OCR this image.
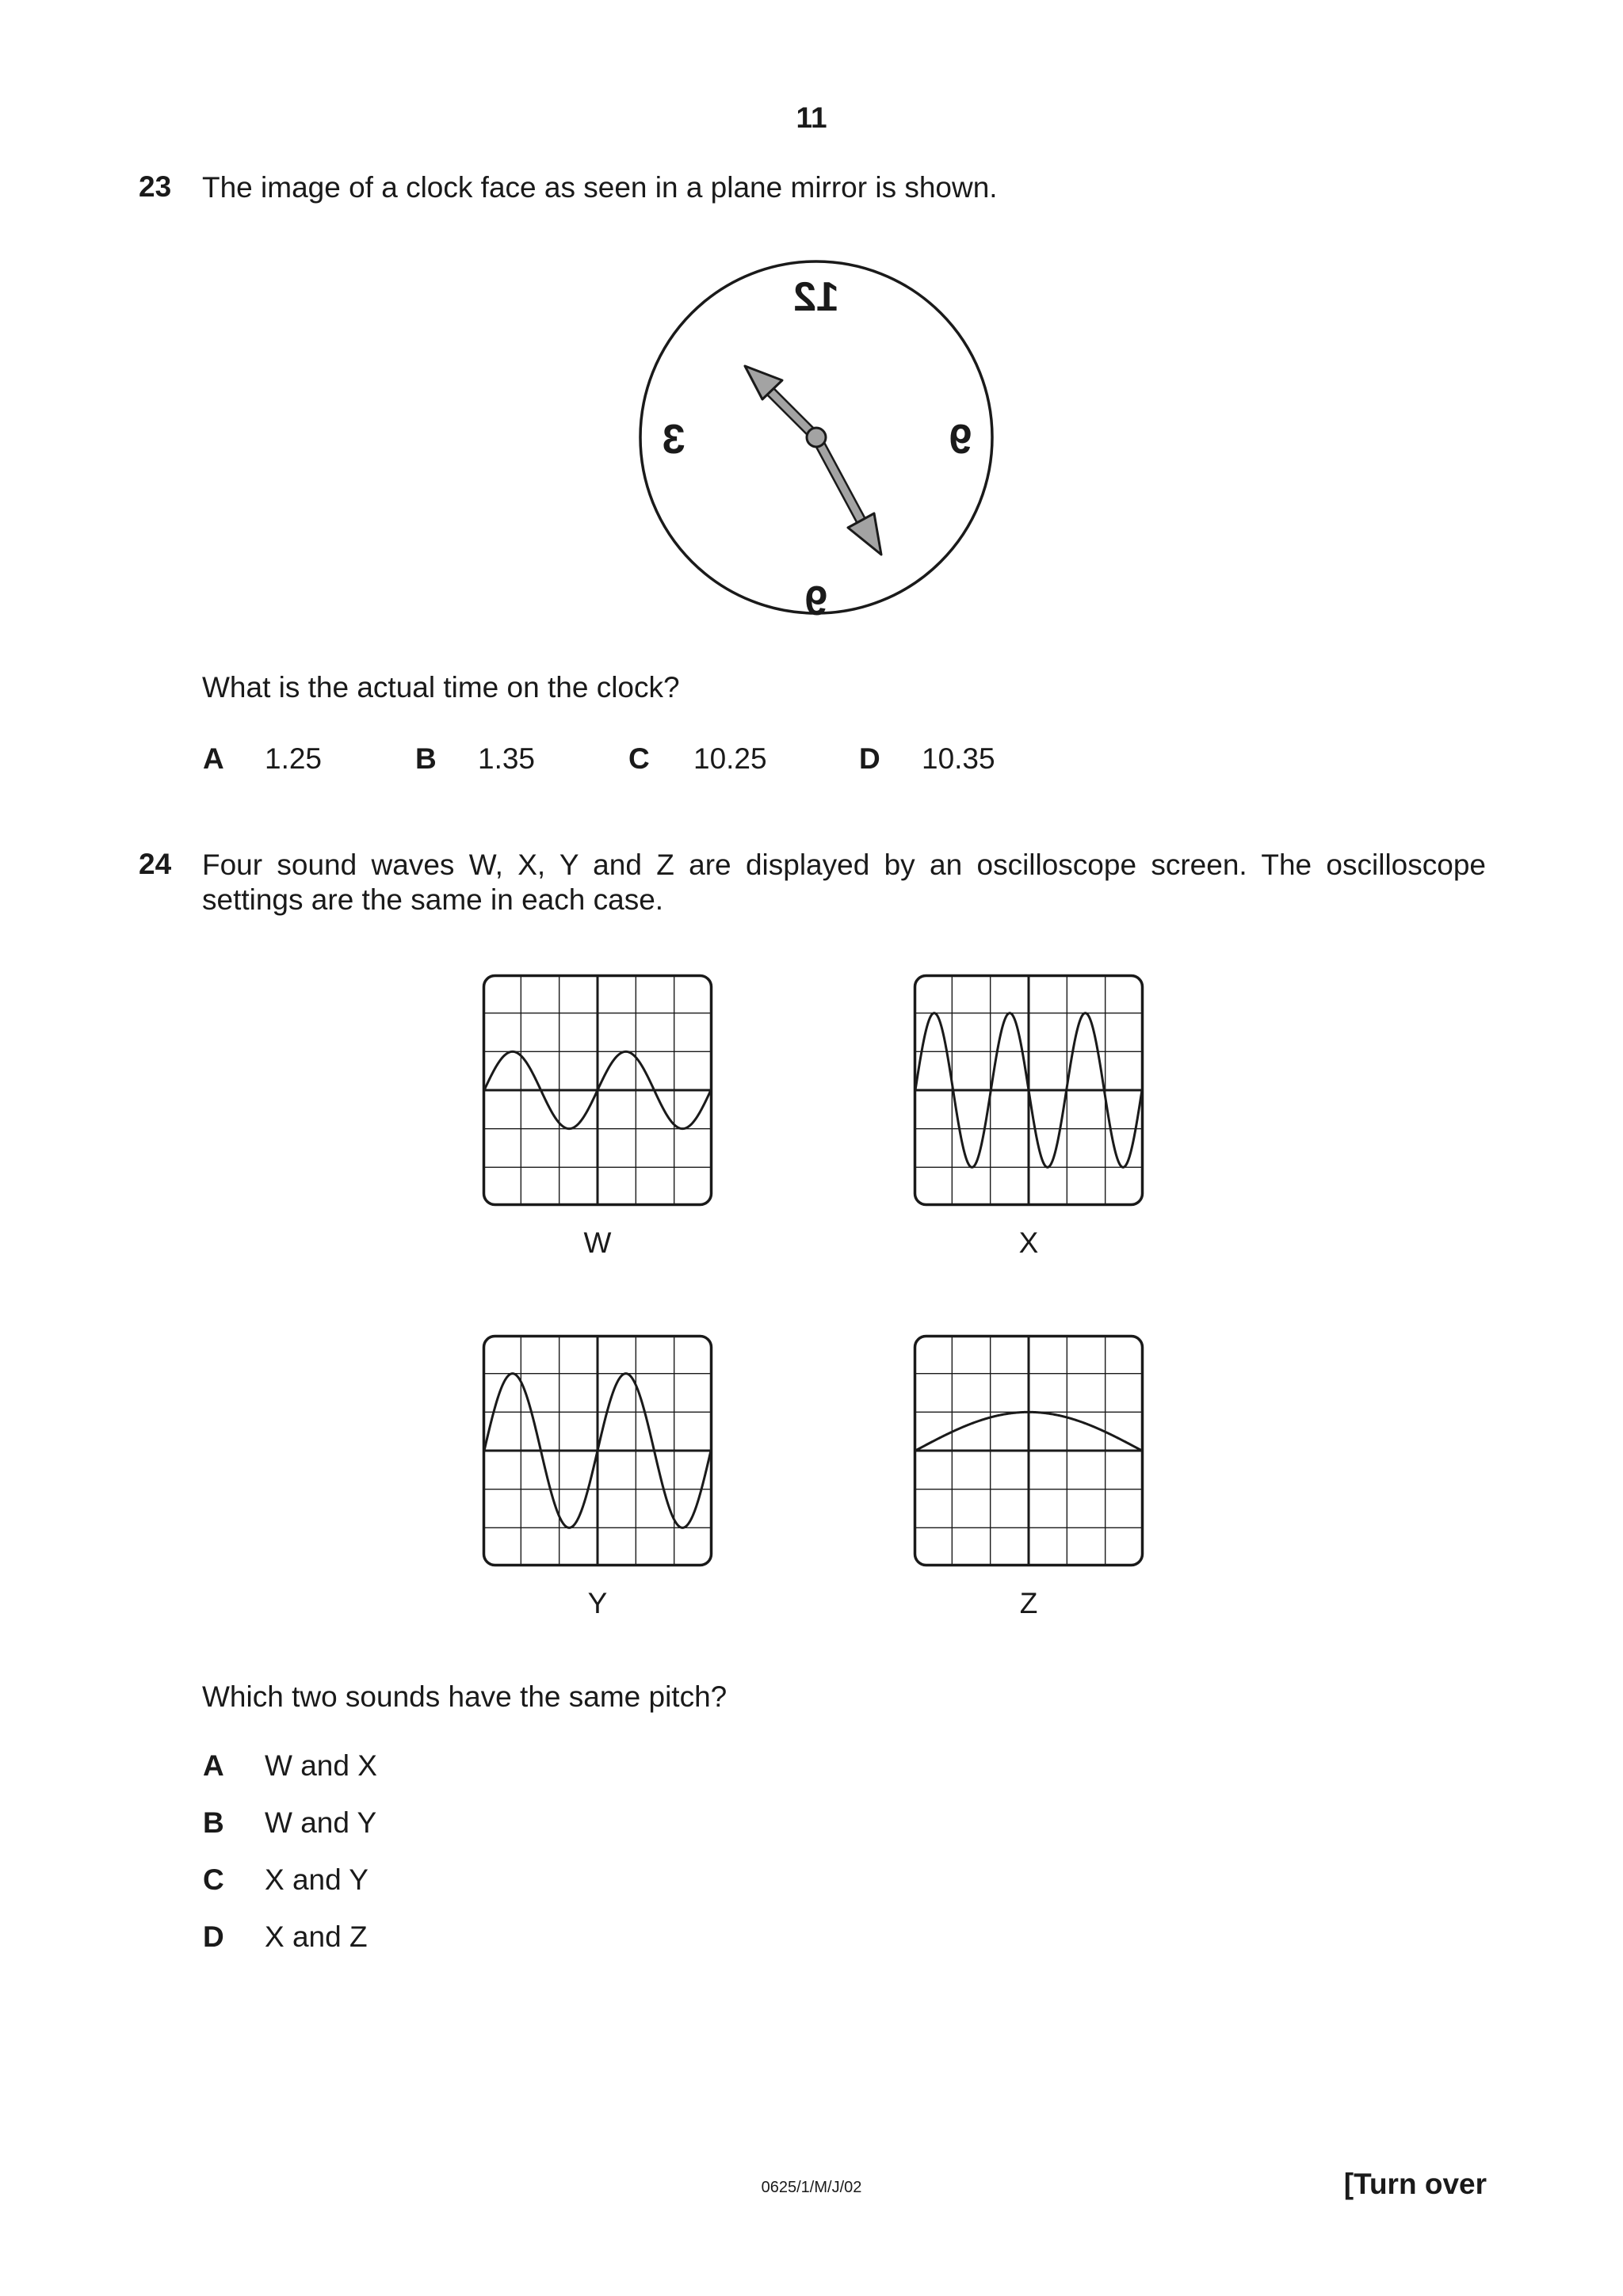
11
23 The image of a clock face as seen in a plane mirror is shown.
12
3	9
6
What is the actual time on the clock?
A 1.25	B 1.35	C 10.25	D 10.35
24 Four sound waves W, X, Y and Z are displayed by an oscilloscope screen. The oscilloscope settings are the same in each case.
W	X
Y	Z
Which two sounds have the same pitch?
A W and X
B W and Y
C X and Y
D X and Z
0625/1/M/J/02	[Turn over
